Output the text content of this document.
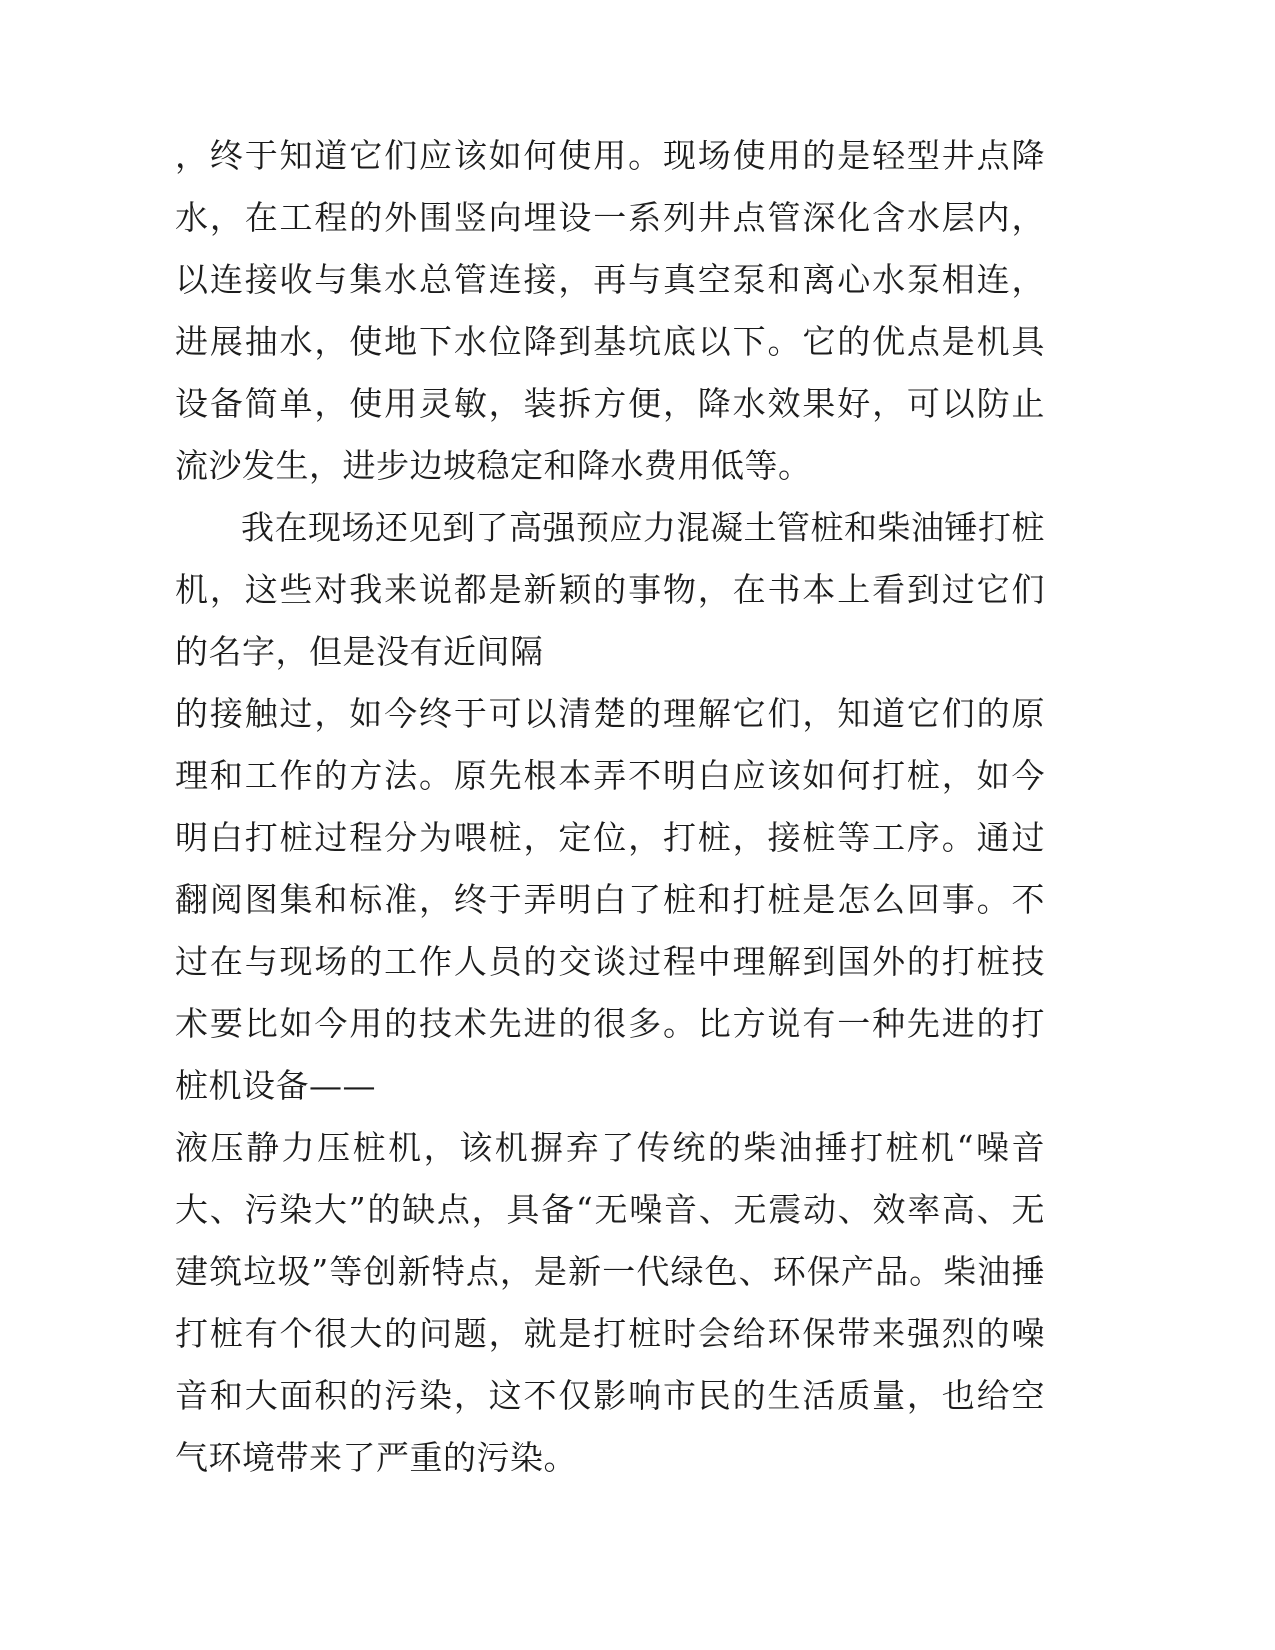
，终于知道它们应该如何使用。现场使用的是轻型井点降水，在工程的外围竖向埋设一系列井点管深化含水层内，以连接收与集水总管连接，再与真空泵和离心水泵相连，进展抽水，使地下水位降到基坑底以下。它的优点是机具设备简单，使用灵敏，装拆方便，降水效果好，可以防止流沙发生，进步边坡稳定和降水费用低等。

我在现场还见到了高强预应力混凝土管桩和柴油锤打桩机，这些对我来说都是新颖的事物，在书本上看到过它们的名字，但是没有近间隔

的接触过，如今终于可以清楚的理解它们，知道它们的原理和工作的方法。原先根本弄不明白应该如何打桩，如今明白打桩过程分为喂桩，定位，打桩，接桩等工序。通过翻阅图集和标准，终于弄明白了桩和打桩是怎么回事。不过在与现场的工作人员的交谈过程中理解到国外的打桩技术要比如今用的技术先进的很多。比方说有一种先进的打桩机设备——

液压静力压桩机，该机摒弃了传统的柴油捶打桩机“噪音大、污染大”的缺点，具备“无噪音、无震动、效率高、无建筑垃圾”等创新特点，是新一代绿色、环保产品。柴油捶打桩有个很大的问题，就是打桩时会给环保带来强烈的噪音和大面积的污染，这不仅影响市民的生活质量，也给空气环境带来了严重的污染。
